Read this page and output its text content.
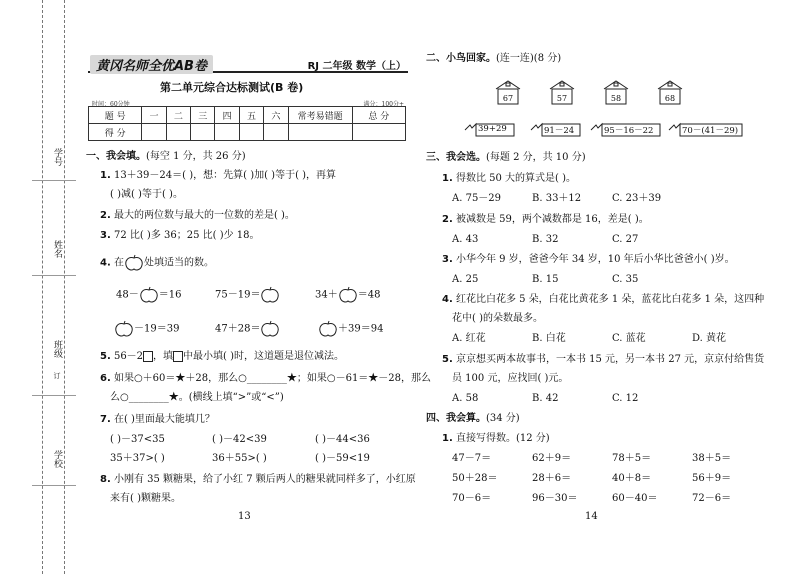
学号
姓名
班级
订
学校
黄冈名师全优AB卷	RJ 二年级 数学（上）
第二单元综合达标测试(B 卷)
时间：60分钟	满分：100分+
题 号	一	二	三	四	五	六	常考易错题	总 分
得 分								
一、我会填。(每空 1 分，共 26 分)
1. 13＋39－24＝( )，想：先算( )加( )等于( )，再算
( )减( )等于( )。
2. 最大的两位数与最大的一位数的差是( )。
3. 72 比( )多 36；25 比( )少 18。
4. 在 处填适当的数。
48－ ＝16	75－19＝	34＋ ＝48
－19＝39	47＋28＝	＋39＝94
5. 56－2 ，填 中最小填( )时，这道题是退位减法。
6. 如果○＋60＝★＋28，那么○________★；如果○－61＝★－28，那么
么○________★。(横线上填“>”或“<”)
7. 在( )里面最大能填几？
( )－37<35	( )－42<39	( )－44<36
35＋37>( )	36＋55>( )	( )－59<19
8. 小刚有 35 颗糖果，给了小红 7 颗后两人的糖果就同样多了，小红原
来有( )颗糖果。
13
二、小鸟回家。(连一连)(8 分)
67	57	58	68
39+29	91－24	95－16－22	70－(41－29)
三、我会选。(每题 2 分，共 10 分)
1. 得数比 50 大的算式是( )。
A. 75－29	B. 33＋12	C. 23＋39
2. 被减数是 59，两个减数都是 16，差是( )。
A. 43	B. 32	C. 27
3. 小华今年 9 岁，爸爸今年 34 岁，10 年后小华比爸爸小( )岁。
A. 25	B. 15	C. 35
4. 红花比白花多 5 朵，白花比黄花多 1 朵，蓝花比白花多 1 朵，这四种
花中( )的朵数最多。
A. 红花	B. 白花	C. 蓝花	D. 黄花
5. 京京想买两本故事书，一本书 15 元，另一本书 27 元，京京付给售货
员 100 元，应找回( )元。
A. 58	B. 42	C. 12
四、我会算。(34 分)
1. 直接写得数。(12 分)
47－7＝	62＋9＝	78＋5＝	38＋5＝
50＋28＝	28＋6＝	40＋8＝	56＋9＝
70－6＝	96－30＝	60－40＝	72－6＝
14
